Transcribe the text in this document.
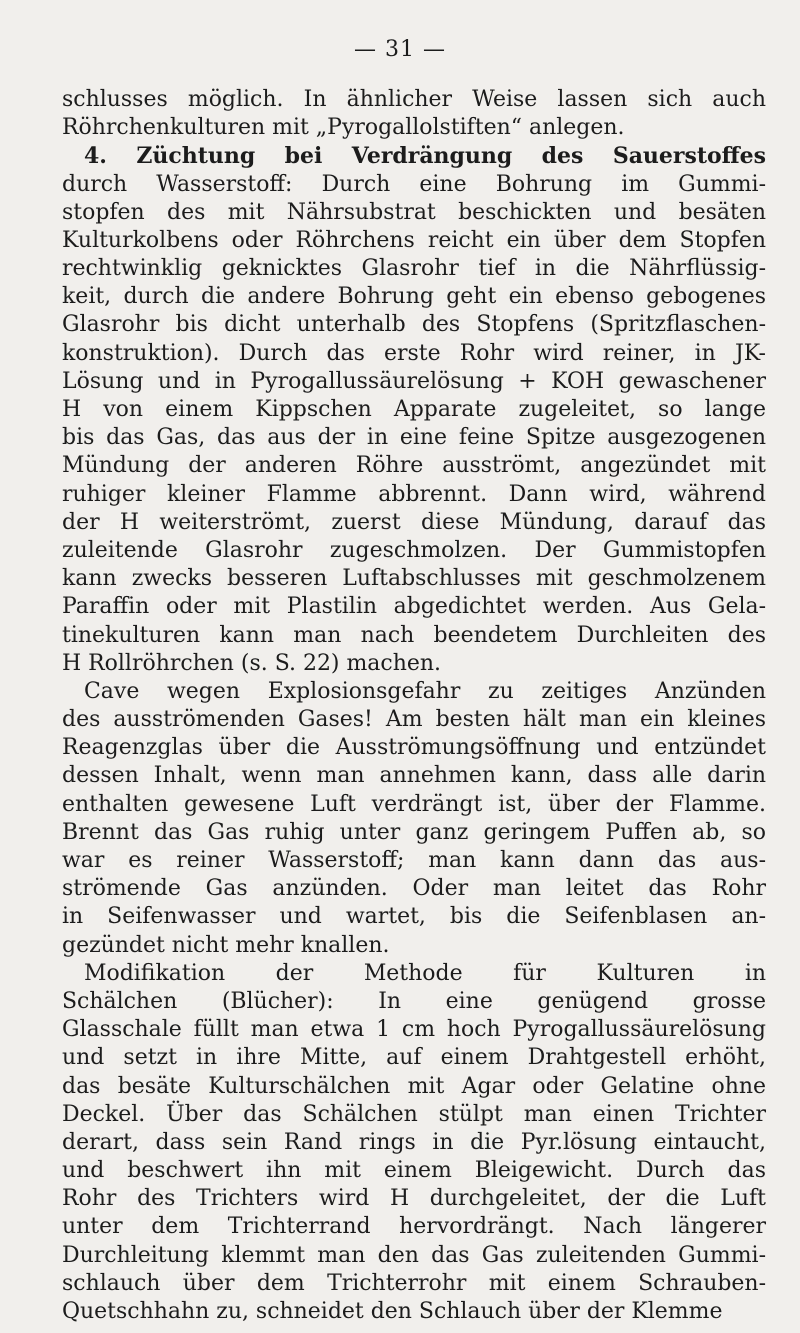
— 31 —
schlusses möglich. In ähnlicher Weise lassen sich auch
Röhrchenkulturen mit „Pyrogallolstiften“ anlegen.
4. Züchtung bei Verdrängung des Sauerstoffes
durch Wasserstoff: Durch eine Bohrung im Gummi-
stopfen des mit Nährsubstrat beschickten und besäten
Kulturkolbens oder Röhrchens reicht ein über dem Stopfen
rechtwinklig geknicktes Glasrohr tief in die Nährflüssig-
keit, durch die andere Bohrung geht ein ebenso gebogenes
Glasrohr bis dicht unterhalb des Stopfens (Spritzflaschen-
konstruktion). Durch das erste Rohr wird reiner, in JK-
Lösung und in Pyrogallussäurelösung + KOH gewaschener
H von einem Kippschen Apparate zugeleitet, so lange
bis das Gas, das aus der in eine feine Spitze ausgezogenen
Mündung der anderen Röhre ausströmt, angezündet mit
ruhiger kleiner Flamme abbrennt. Dann wird, während
der H weiterströmt, zuerst diese Mündung, darauf das
zuleitende Glasrohr zugeschmolzen. Der Gummistopfen
kann zwecks besseren Luftabschlusses mit geschmolzenem
Paraffin oder mit Plastilin abgedichtet werden. Aus Gela-
tinekulturen kann man nach beendetem Durchleiten des
H Rollröhrchen (s. S. 22) machen.
Cave wegen Explosionsgefahr zu zeitiges Anzünden
des ausströmenden Gases! Am besten hält man ein kleines
Reagenzglas über die Ausströmungsöffnung und entzündet
dessen Inhalt, wenn man annehmen kann, dass alle darin
enthalten gewesene Luft verdrängt ist, über der Flamme.
Brennt das Gas ruhig unter ganz geringem Puffen ab, so
war es reiner Wasserstoff; man kann dann das aus-
strömende Gas anzünden. Oder man leitet das Rohr
in Seifenwasser und wartet, bis die Seifenblasen an-
gezündet nicht mehr knallen.
Modifikation der Methode für Kulturen in
Schälchen (Blücher): In eine genügend grosse
Glasschale füllt man etwa 1 cm hoch Pyrogallussäurelösung
und setzt in ihre Mitte, auf einem Drahtgestell erhöht,
das besäte Kulturschälchen mit Agar oder Gelatine ohne
Deckel. Über das Schälchen stülpt man einen Trichter
derart, dass sein Rand rings in die Pyr.lösung eintaucht,
und beschwert ihn mit einem Bleigewicht. Durch das
Rohr des Trichters wird H durchgeleitet, der die Luft
unter dem Trichterrand hervordrängt. Nach längerer
Durchleitung klemmt man den das Gas zuleitenden Gummi-
schlauch über dem Trichterrohr mit einem Schrauben-
Quetschhahn zu, schneidet den Schlauch über der Klemme
